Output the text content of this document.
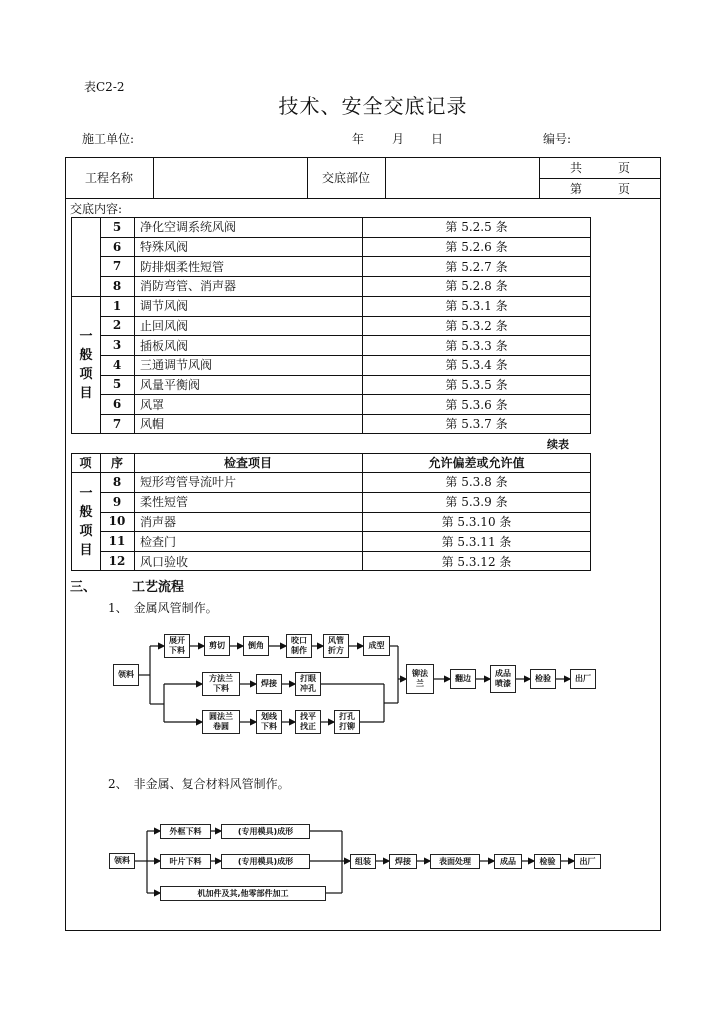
表C2-2
技术、安全交底记录
施工单位:	年 月 日	编号:
工程名称	交底部位
共　　　页
第　　　页
交底内容:
5	净化空调系统风阀	第 5.2.5 条
6	特殊风阀	第 5.2.6 条
7	防排烟柔性短管	第 5.2.7 条
8	消防弯管、消声器	第 5.2.8 条
1	调节风阀	第 5.3.1 条
2	止回风阀	第 5.3.2 条
3	插板风阀	第 5.3.3 条
4	三通调节风阀	第 5.3.4 条
5	风量平衡阀	第 5.3.5 条
6	风罩	第 5.3.6 条
7	风帽	第 5.3.7 条
一般项目
续表
项	序	检查项目	允许偏差或允许值
8	短形弯管导流叶片	第 5.3.8 条
9	柔性短管	第 5.3.9 条
10	消声器	第 5.3.10 条
11	检查门	第 5.3.11 条
12	风口验收	第 5.3.12 条
一般项目
三、	工艺流程
1、　金属风管制作。
2、　非金属、复合材料风管制作。
领料
展开
下料
剪切	倒角
咬口
制作
风管
折方
成型
方法兰
下料
焊接
打眼
冲孔
圆法兰
卷圆
划线
下料
找平
找正
打孔
打铆
铆法
兰
翻边
成品
喷漆
检验	出厂
领料
外框下料
叶片下料
(专用模具)成形
(专用模具)成形
机加件及其,他零部件加工
组装	焊接	表面处理	成品	检验	出厂
